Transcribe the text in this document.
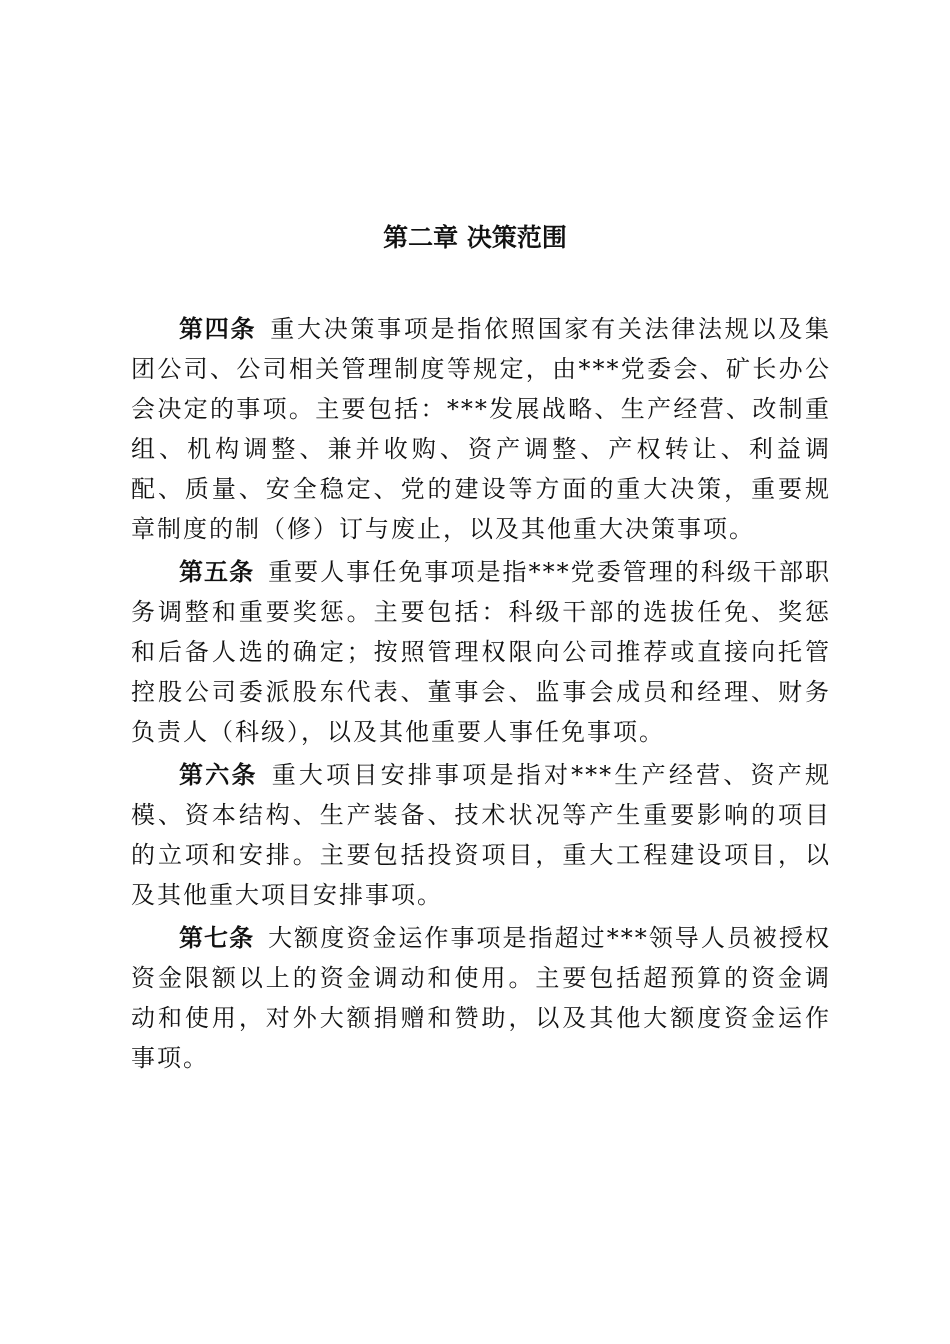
第二章 决策范围

第四条 重大决策事项是指依照国家有关法律法规以及集团公司、公司相关管理制度等规定，由***党委会、矿长办公会决定的事项。主要包括：***发展战略、生产经营、改制重组、机构调整、兼并收购、资产调整、产权转让、利益调配、质量、安全稳定、党的建设等方面的重大决策，重要规章制度的制（修）订与废止，以及其他重大决策事项。

第五条 重要人事任免事项是指***党委管理的科级干部职务调整和重要奖惩。主要包括：科级干部的选拔任免、奖惩和后备人选的确定；按照管理权限向公司推荐或直接向托管控股公司委派股东代表、董事会、监事会成员和经理、财务负责人（科级），以及其他重要人事任免事项。

第六条 重大项目安排事项是指对***生产经营、资产规模、资本结构、生产装备、技术状况等产生重要影响的项目的立项和安排。主要包括投资项目，重大工程建设项目，以及其他重大项目安排事项。

第七条 大额度资金运作事项是指超过***领导人员被授权资金限额以上的资金调动和使用。主要包括超预算的资金调动和使用，对外大额捐赠和赞助，以及其他大额度资金运作事项。
